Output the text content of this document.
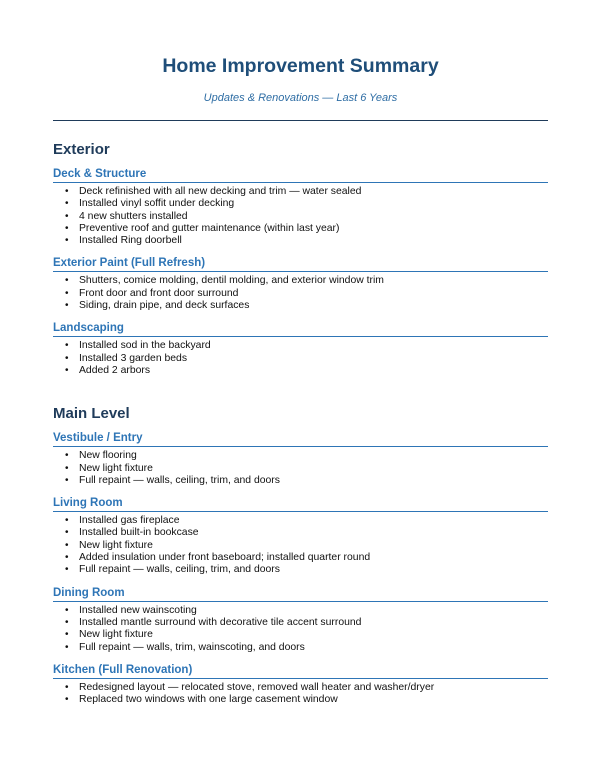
Home Improvement Summary

Updates & Renovations — Last 6 Years

Exterior
Deck & Structure
• Deck refinished with all new decking and trim — water sealed
• Installed vinyl soffit under decking
• 4 new shutters installed
• Preventive roof and gutter maintenance (within last year)
• Installed Ring doorbell
Exterior Paint (Full Refresh)
• Shutters, comice molding, dentil molding, and exterior window trim
• Front door and front door surround
• Siding, drain pipe, and deck surfaces
Landscaping
• Installed sod in the backyard
• Installed 3 garden beds
• Added 2 arbors
Main Level
Vestibule / Entry
• New flooring
• New light fixture
• Full repaint — walls, ceiling, trim, and doors
Living Room
• Installed gas fireplace
• Installed built-in bookcase
• New light fixture
• Added insulation under front baseboard; installed quarter round
• Full repaint — walls, ceiling, trim, and doors
Dining Room
• Installed new wainscoting
• Installed mantle surround with decorative tile accent surround
• New light fixture
• Full repaint — walls, trim, wainscoting, and doors
Kitchen (Full Renovation)
• Redesigned layout — relocated stove, removed wall heater and washer/dryer
• Replaced two windows with one large casement window
